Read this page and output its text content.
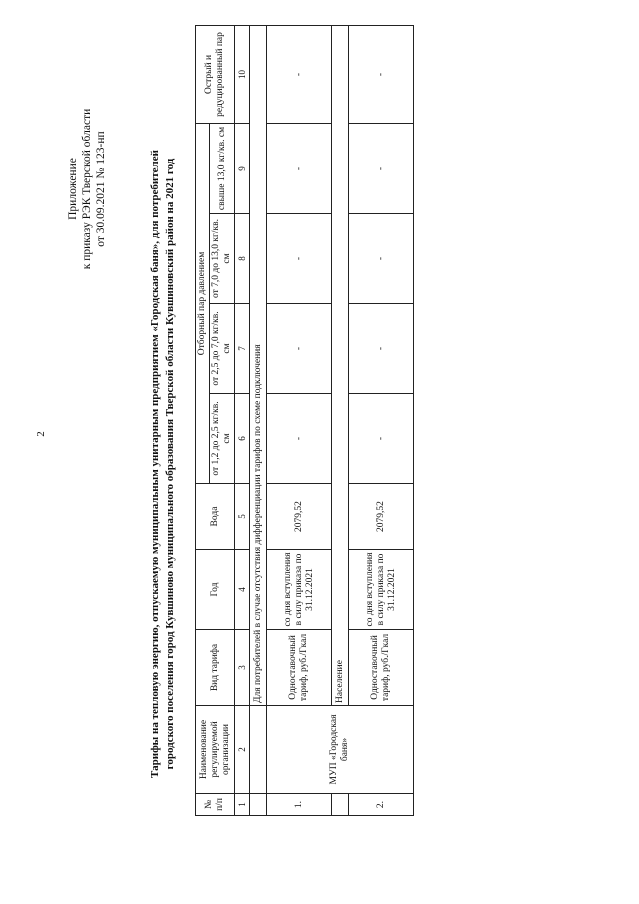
2
Приложение к приказу РЭК Тверской области от 30.09.2021 № 123-нп	Тарифы на тепловую энергию, отпускаемую муниципальным унитарным предприятием «Городская баня», для потребителей городского поселения город Кувшиново муниципального образования Тверской области Кувшиновский район на 2021 год
№ п/п	Наименование регулируемой организации	Вид тарифа	Год	Вода	Отборный пар давлением				Острый и редуцированный пар
					от 1,2 до 2,5 кг/кв. см	от 2,5 до 7,0 кг/кв. см	от 7,0 до 13,0 кг/кв. см	свыше 13,0 кг/кв. см	
1	2	3	4	5	6	7	8	9	10
		Для потребителей в случае отсутствия дифференциации тарифов по схеме подключения							
1.	МУП «Городская баня»	Одноставочный тариф, руб./Гкал	со дня вступления в силу приказа по 31.12.2021	2079,52	-	-	-	-	-
		Население							
2.		Одноставочный тариф, руб./Гкал	со дня вступления в силу приказа по 31.12.2021	2079,52	-	-	-	-	-
